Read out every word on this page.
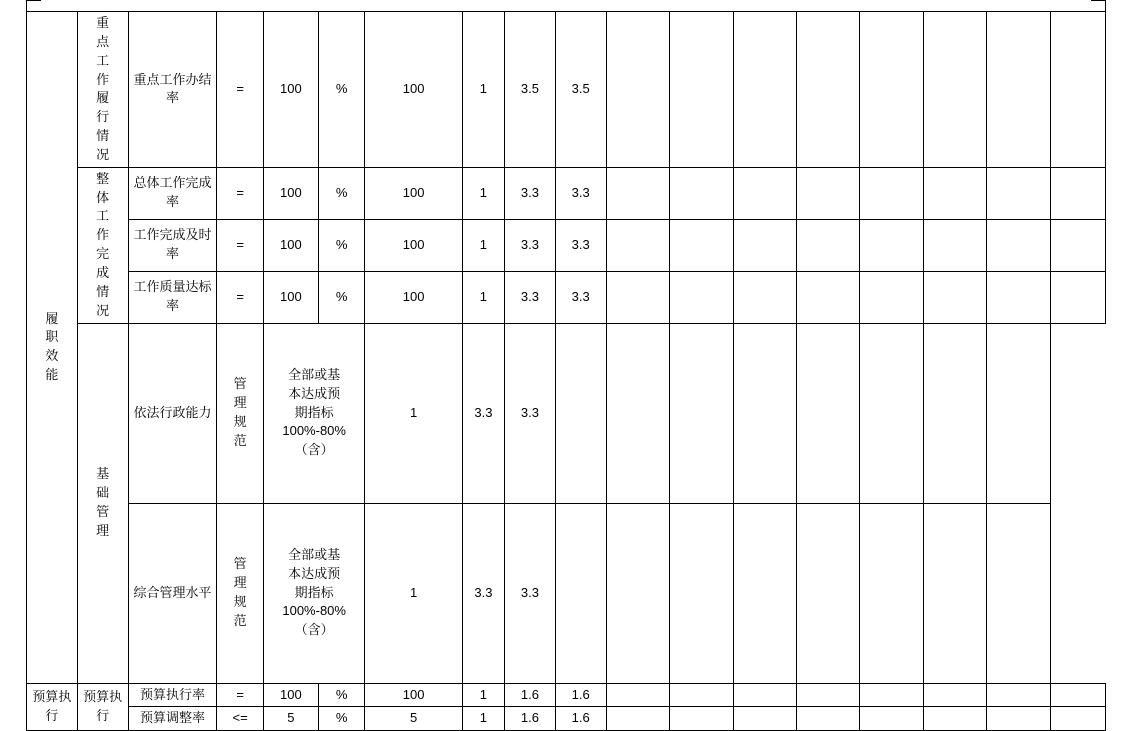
履职效能	重点工作履行情况	重点工作办结率	=	100	%	100	1	3.5	3.5								

	整体工作完成情况	总体工作完成率	=	100	%	100	1	3.3	3.3								
		工作完成及时率	=	100	%	100	1	3.3	3.3								
		工作质量达标率	=	100	%	100	1	3.3	3.3								

	基础管理	依法行政能力	管理规范	全部或基
本达成预
期指标
100%-80%
（含）		1	3.3	3.3									
		综合管理水平	管理规范	全部或基
本达成预
期指标
100%-80%
（含）		1	3.3	3.3									
预算执行	预算执行	预算执行率	=	100	%	100	1	1.6	1.6								
		预算调整率	<=	5	%	5	1	1.6	1.6								
